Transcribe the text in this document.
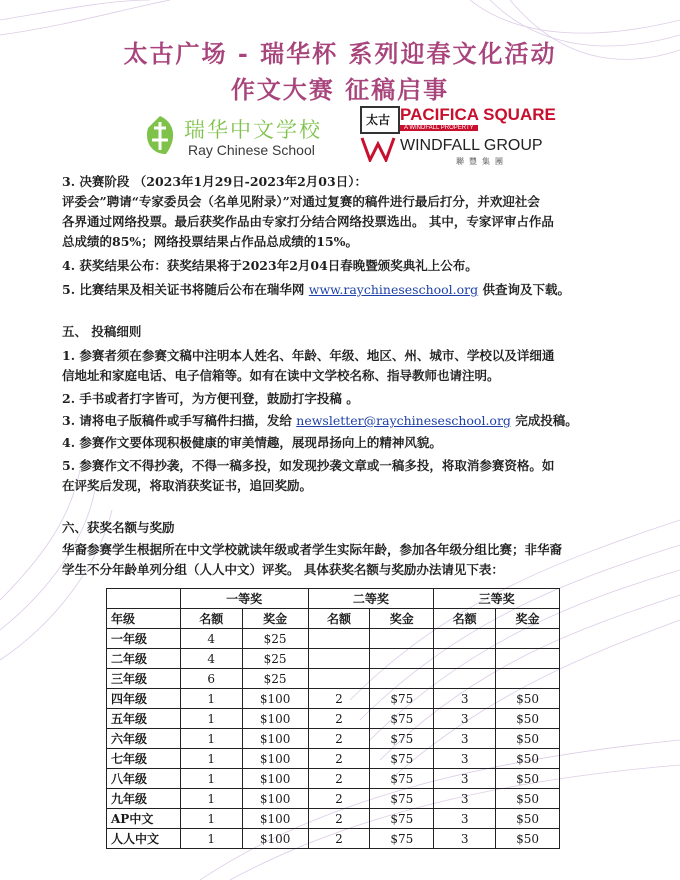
太古广场 - 瑞华杯 系列迎春文化活动
作文大赛 征稿启事
瑞华中文学校
Ray Chinese School
太古 PACIFICA SQUARE
A WINDFALL PROPERTY
WINDFALL GROUP
聯豐集團
3. 决赛阶段 （2023年1月29日-2023年2月03日）：
评委会”聘请“专家委员会（名单见附录）”对通过复赛的稿件进行最后打分，并欢迎社会
各界通过网络投票。最后获奖作品由专家打分结合网络投票选出。 其中，专家评审占作品
总成绩的85%；网络投票结果占作品总成绩的15%。
4. 获奖结果公布：获奖结果将于2023年2月04日春晚暨颁奖典礼上公布。
5. 比赛结果及相关证书将随后公布在瑞华网 www.raychineseschool.org 供查询及下载。
五、 投稿细则
1. 参赛者须在参赛文稿中注明本人姓名、年龄、年级、地区、州、城市、学校以及详细通
信地址和家庭电话、电子信箱等。如有在读中文学校名称、指导教师也请注明。
2. 手书或者打字皆可，为方便刊登，鼓励打字投稿 。
3. 请将电子版稿件或手写稿件扫描，发给 newsletter@raychineseschool.org 完成投稿。
4. 参赛作文要体现积极健康的审美情趣，展现昂扬向上的精神风貌。
5. 参赛作文不得抄袭，不得一稿多投，如发现抄袭文章或一稿多投，将取消参赛资格。如
在评奖后发现，将取消获奖证书，追回奖励。
六、获奖名额与奖励
华裔参赛学生根据所在中文学校就读年级或者学生实际年龄，参加各年级分组比赛；非华裔
学生不分年龄单列分组（人人中文）评奖。 具体获奖名额与奖励办法请见下表：
	一等奖		二等奖		三等奖	
年级	名额	奖金	名额	奖金	名额	奖金
一年级	4	$25				
二年级	4	$25				
三年级	6	$25				
四年级	1	$100	2	$75	3	$50
五年级	1	$100	2	$75	3	$50
六年级	1	$100	2	$75	3	$50
七年级	1	$100	2	$75	3	$50
八年级	1	$100	2	$75	3	$50
九年级	1	$100	2	$75	3	$50
AP中文	1	$100	2	$75	3	$50
人人中文	1	$100	2	$75	3	$50
